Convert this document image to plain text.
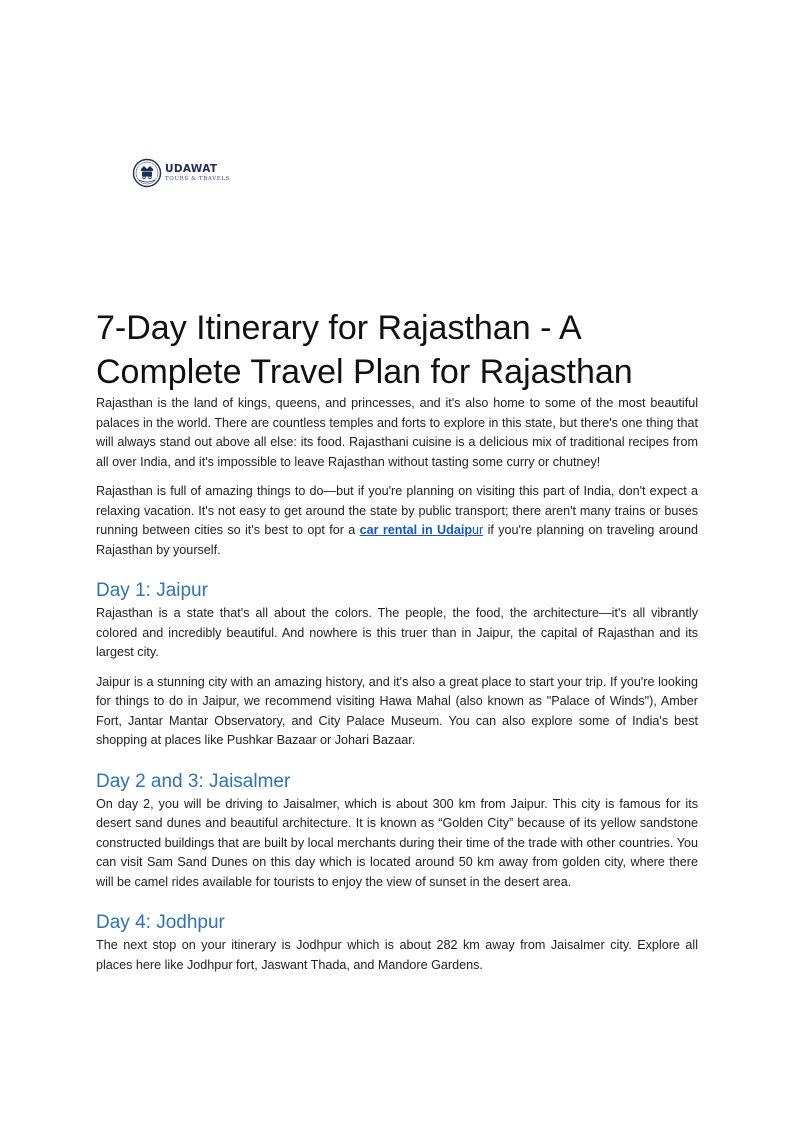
UDAWAT
TOURS & TRAVELS
7-Day Itinerary for Rajasthan - A
Complete Travel Plan for Rajasthan

Rajasthan is the land of kings, queens, and princesses, and it's also home to some of the most beautiful palaces in the world. There are countless temples and forts to explore in this state, but there's one thing that will always stand out above all else: its food. Rajasthani cuisine is a delicious mix of traditional recipes from all over India, and it's impossible to leave Rajasthan without tasting some curry or chutney!

Rajasthan is full of amazing things to do—but if you're planning on visiting this part of India, don't expect a relaxing vacation. It's not easy to get around the state by public transport; there aren't many trains or buses running between cities so it's best to opt for a car rental in Udaipur if you're planning on traveling around Rajasthan by yourself.

Day 1: Jaipur

Rajasthan is a state that's all about the colors. The people, the food, the architecture—it's all vibrantly colored and incredibly beautiful. And nowhere is this truer than in Jaipur, the capital of Rajasthan and its largest city.

Jaipur is a stunning city with an amazing history, and it's also a great place to start your trip. If you're looking for things to do in Jaipur, we recommend visiting Hawa Mahal (also known as "Palace of Winds"), Amber Fort, Jantar Mantar Observatory, and City Palace Museum. You can also explore some of India's best shopping at places like Pushkar Bazaar or Johari Bazaar.

Day 2 and 3: Jaisalmer

On day 2, you will be driving to Jaisalmer, which is about 300 km from Jaipur. This city is famous for its desert sand dunes and beautiful architecture. It is known as “Golden City” because of its yellow sandstone constructed buildings that are built by local merchants during their time of the trade with other countries. You can visit Sam Sand Dunes on this day which is located around 50 km away from golden city, where there will be camel rides available for tourists to enjoy the view of sunset in the desert area.

Day 4: Jodhpur

The next stop on your itinerary is Jodhpur which is about 282 km away from Jaisalmer city. Explore all places here like Jodhpur fort, Jaswant Thada, and Mandore Gardens.
